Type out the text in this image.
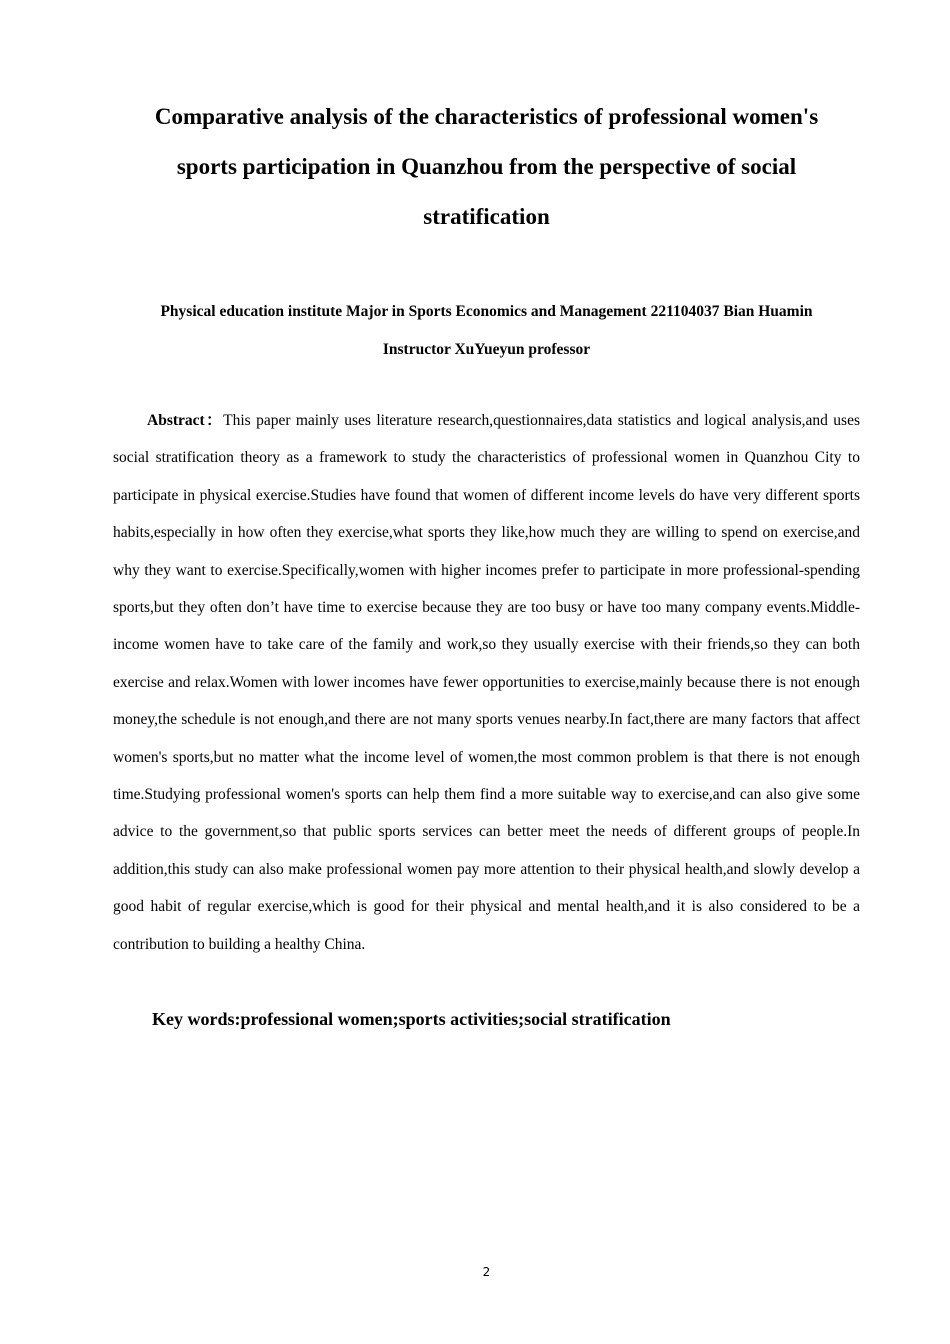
Comparative analysis of the characteristics of professional women's
sports participation in Quanzhou from the perspective of social
stratification
Physical education institute Major in Sports Economics and Management 221104037 Bian Huamin
Instructor XuYueyun professor

Abstract：This paper mainly uses literature research,questionnaires,data statistics and logical analysis,and uses social stratification theory as a framework to study the characteristics of professional women in Quanzhou City to participate in physical exercise.Studies have found that women of different income levels do have very different sports habits,especially in how often they exercise,what sports they like,how much they are willing to spend on exercise,and why they want to exercise.Specifically,women with higher incomes prefer to participate in more professional-spending sports,but they often don’t have time to exercise because they are too busy or have too many company events.Middle-income women have to take care of the family and work,so they usually exercise with their friends,so they can both exercise and relax.Women with lower incomes have fewer opportunities to exercise,mainly because there is not enough money,the schedule is not enough,and there are not many sports venues nearby.In fact,there are many factors that affect women's sports,but no matter what the income level of women,the most common problem is that there is not enough time.Studying professional women's sports can help them find a more suitable way to exercise,and can also give some advice to the government,so that public sports services can better meet the needs of different groups of people.In addition,this study can also make professional women pay more attention to their physical health,and slowly develop a good habit of regular exercise,which is good for their physical and mental health,and it is also considered to be a contribution to building a healthy China.

Key words:professional women;sports activities;social stratification
2
